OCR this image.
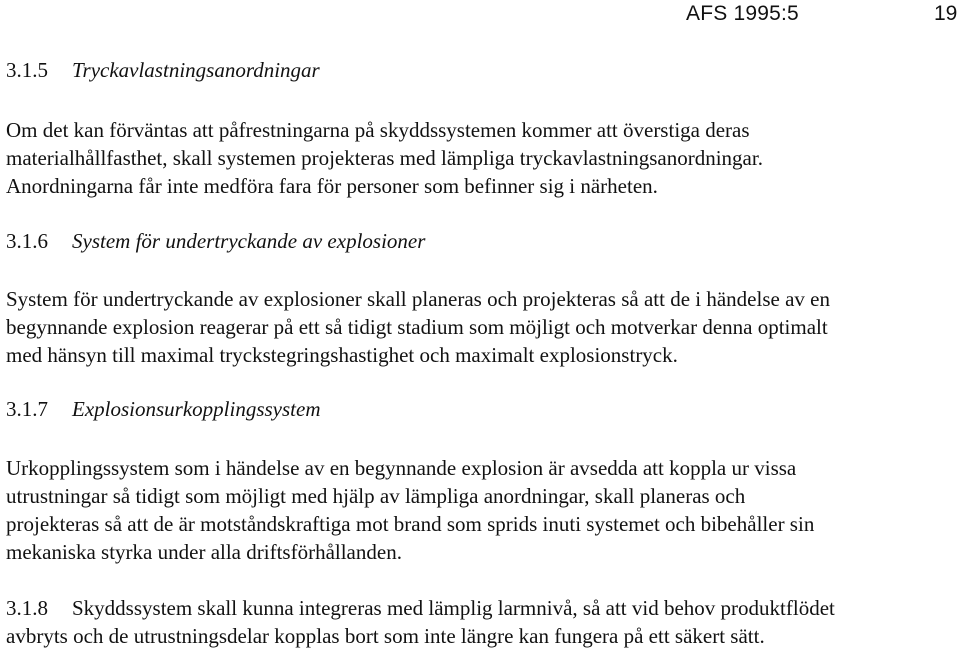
AFS 1995:5	19
3.1.5 Tryckavlastningsanordningar
Om det kan förväntas att påfrestningarna på skyddssystemen kommer att överstiga deras
materialhållfasthet, skall systemen projekteras med lämpliga tryckavlastningsanordningar.
Anordningarna får inte medföra fara för personer som befinner sig i närheten.
3.1.6 System för undertryckande av explosioner
System för undertryckande av explosioner skall planeras och projekteras så att de i händelse av en
begynnande explosion reagerar på ett så tidigt stadium som möjligt och motverkar denna optimalt
med hänsyn till maximal tryckstegringshastighet och maximalt explosionstryck.
3.1.7 Explosionsurkopplingssystem
Urkopplingssystem som i händelse av en begynnande explosion är avsedda att koppla ur vissa
utrustningar så tidigt som möjligt med hjälp av lämpliga anordningar, skall planeras och
projekteras så att de är motståndskraftiga mot brand som sprids inuti systemet och bibehåller sin
mekaniska styrka under alla driftsförhållanden.
3.1.8 Skyddssystem skall kunna integreras med lämplig larmnivå, så att vid behov produktflödet
avbryts och de utrustningsdelar kopplas bort som inte längre kan fungera på ett säkert sätt.
